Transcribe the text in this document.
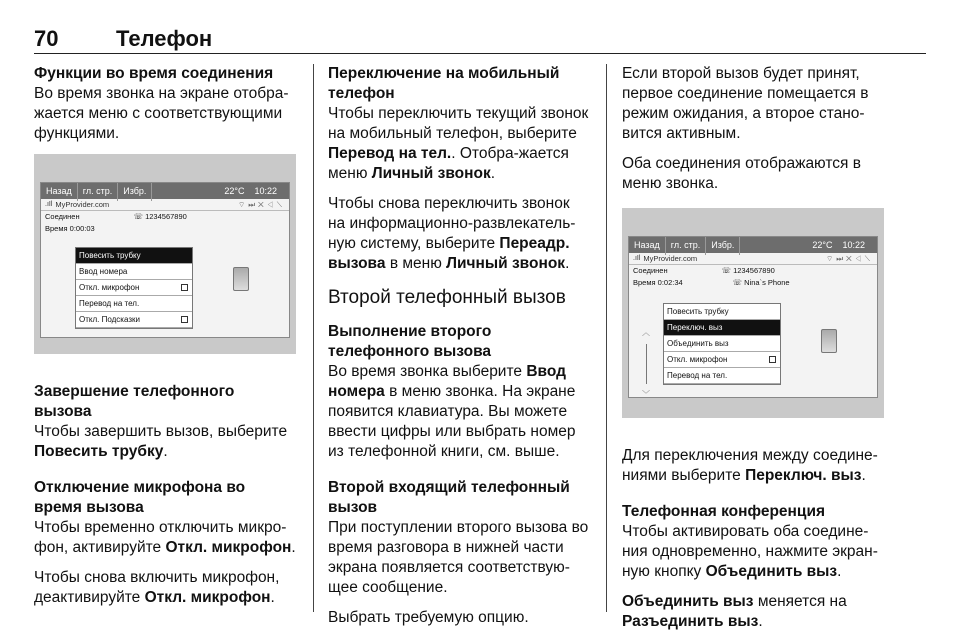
70	Телефон
Функции во время соединения

Во время звонка на экране отобра-жается меню с соответствующими функциями.

Назад	гл. стр.	Избр.	22°C	10:22
.ıIl MyProvider.com	⌔⏭✕◁⟍
Соединен	☏ 1234567890
Время 0:00:03
Повесить трубку
Ввод номера
Откл. микрофон
Перевод на тел.
Откл. Подсказки
Завершение телефонного вызова

Чтобы завершить вызов, выберите Повесить трубку.

Отключение микрофона во время вызова

Чтобы временно отключить микро-фон, активируйте Откл. микрофон.

Чтобы снова включить микрофон, деактивируйте Откл. микрофон.

Переключение на мобильный телефон

Чтобы переключить текущий звонок на мобильный телефон, выберите Перевод на тел.. Отобра-жается меню Личный звонок.

Чтобы снова переключить звонок на информационно-развлекатель-ную систему, выберите Переадр. вызова в меню Личный звонок.

Второй телефонный вызов
Выполнение второго телефонного вызова

Во время звонка выберите Ввод номера в меню звонка. На экране появится клавиатура. Вы можете ввести цифры или выбрать номер из телефонной книги, см. выше.

Второй входящий телефонный вызов

При поступлении второго вызова во время разговора в нижней части экрана появляется соответствую-щее сообщение.

Выбрать требуемую опцию.

Если второй вызов будет принят, первое соединение помещается в режим ожидания, а второе стано-вится активным.

Оба соединения отображаются в меню звонка.

Назад	гл. стр.	Избр.	22°C	10:22
.ıIl MyProvider.com	⌔⏭✕◁⟍
Соединен	☏ 1234567890
Время 0:02:34	☏ Nina`s Phone
︿
﹀
Повесить трубку
Переключ. выз
Объединить выз
Откл. микрофон
Перевод на тел.

Для переключения между соедине-ниями выберите Переключ. выз.

Телефонная конференция

Чтобы активировать оба соедине-ния одновременно, нажмите экран-ную кнопку Объединить выз.

Объединить выз меняется на Разъединить выз.
